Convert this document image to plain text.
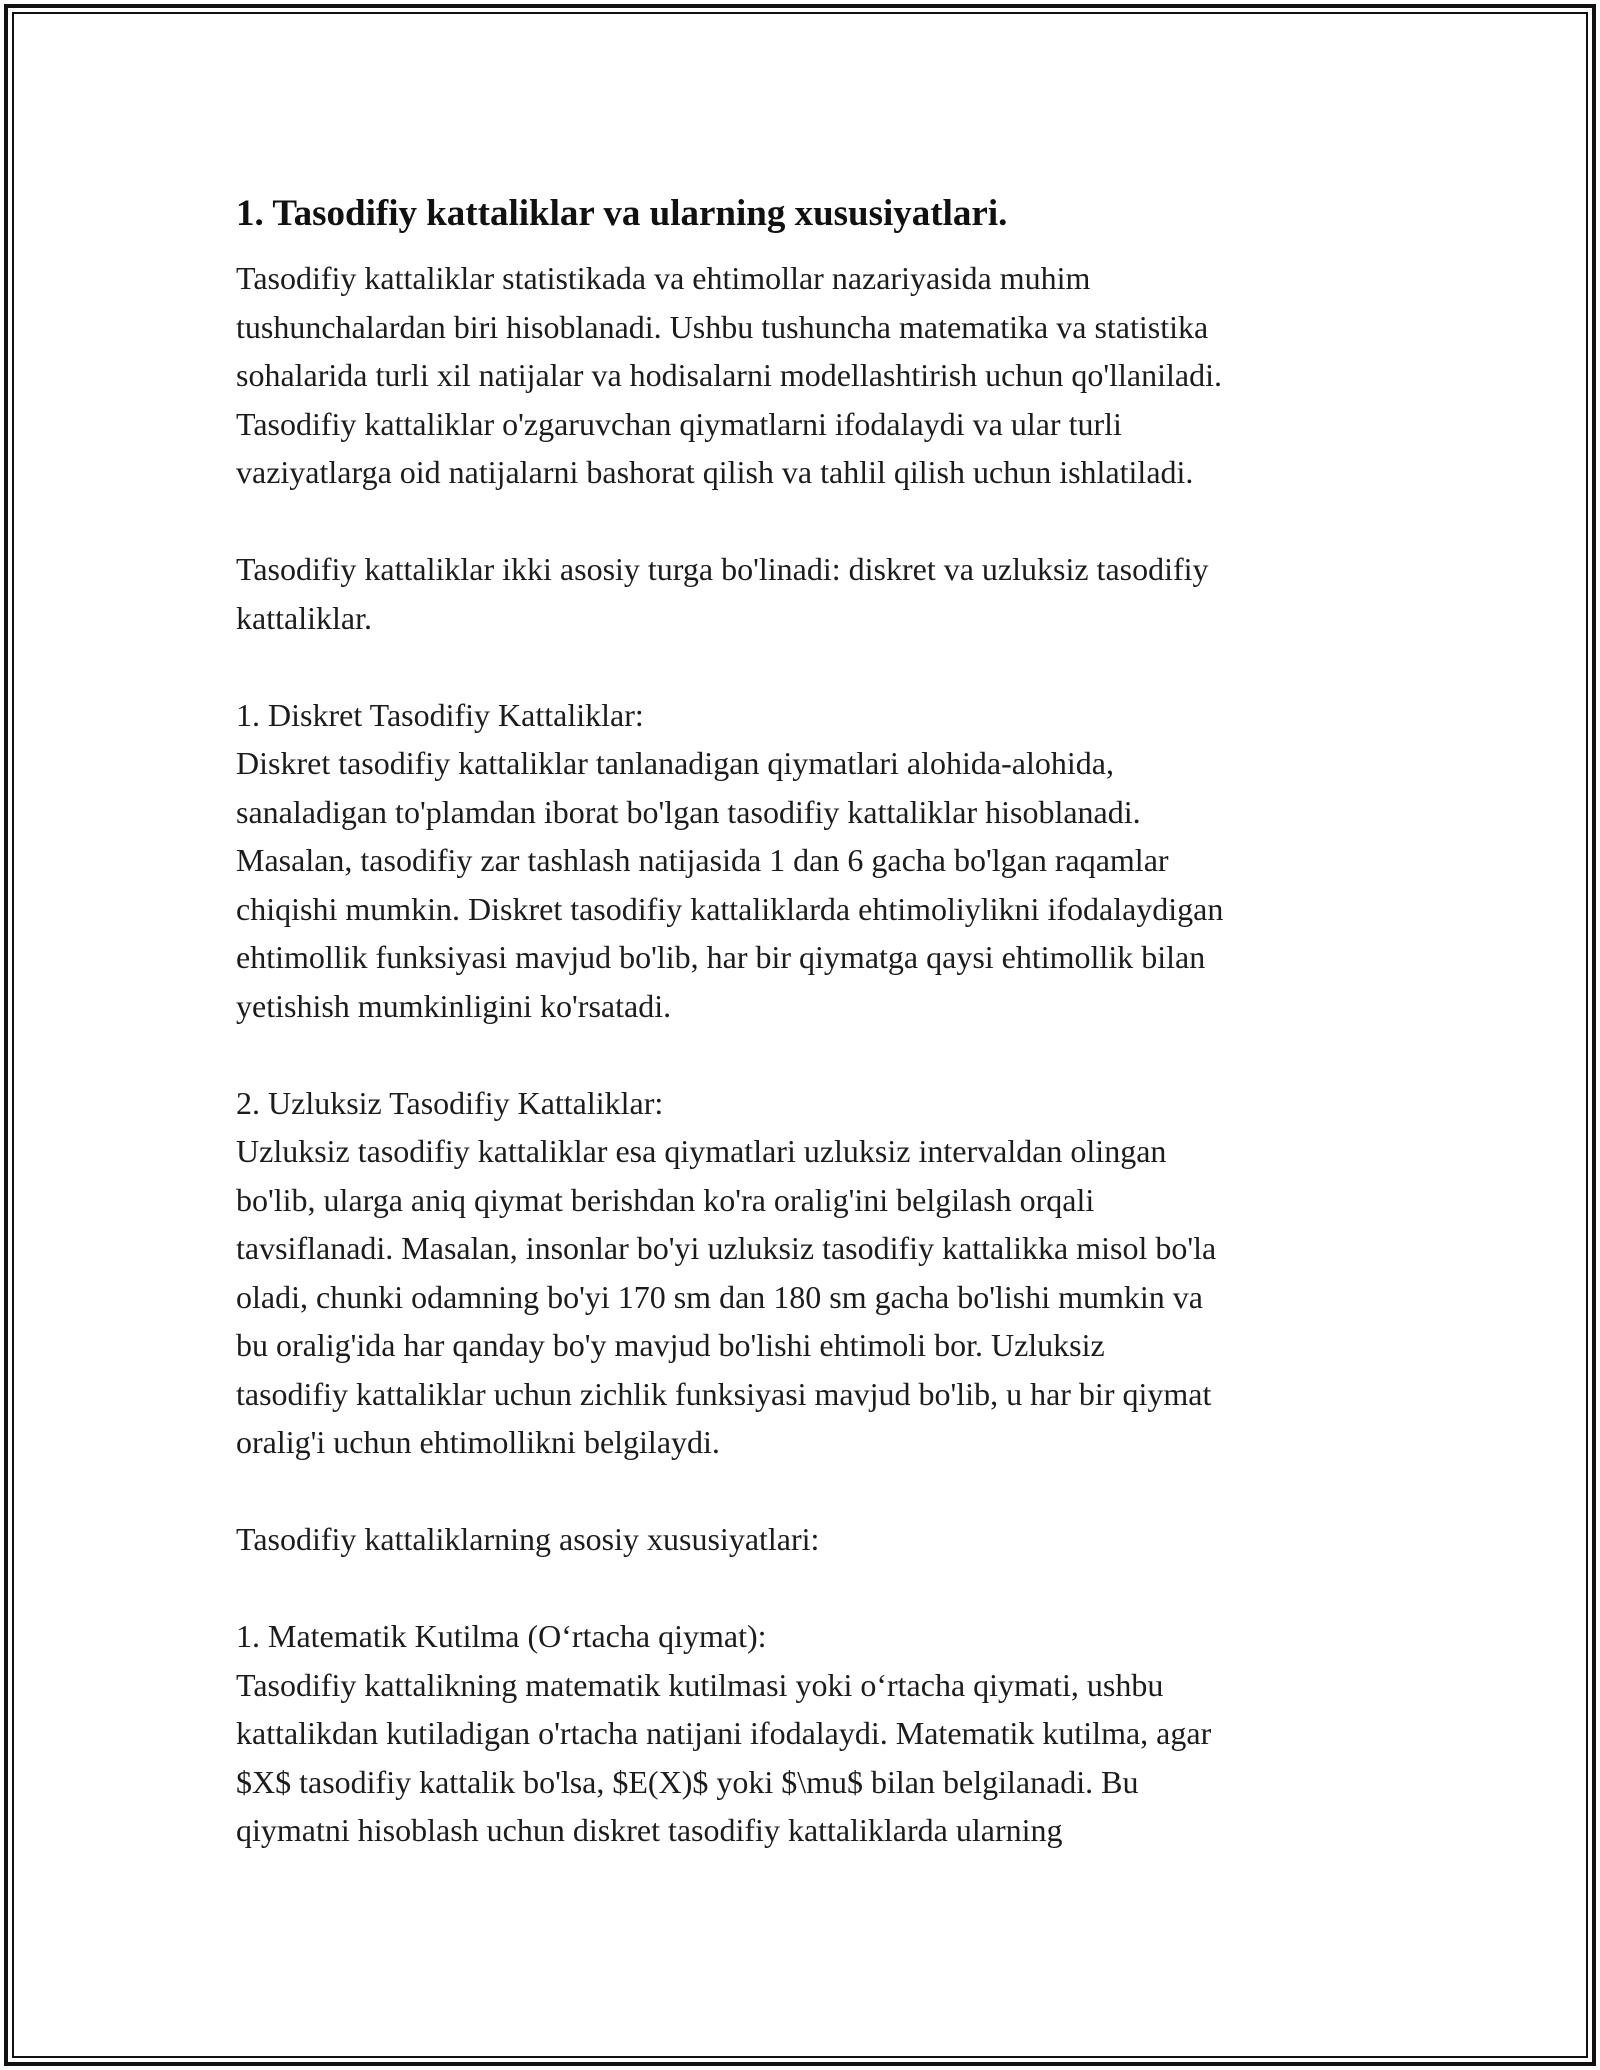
1. Tasodifiy kattaliklar va ularning xususiyatlari.

Tasodifiy kattaliklar statistikada va ehtimollar nazariyasida muhim
tushunchalardan biri hisoblanadi. Ushbu tushuncha matematika va statistika
sohalarida turli xil natijalar va hodisalarni modellashtirish uchun qo'llaniladi.
Tasodifiy kattaliklar o'zgaruvchan qiymatlarni ifodalaydi va ular turli
vaziyatlarga oid natijalarni bashorat qilish va tahlil qilish uchun ishlatiladi.

Tasodifiy kattaliklar ikki asosiy turga bo'linadi: diskret va uzluksiz tasodifiy
kattaliklar.

1. Diskret Tasodifiy Kattaliklar:
Diskret tasodifiy kattaliklar tanlanadigan qiymatlari alohida-alohida,
sanaladigan to'plamdan iborat bo'lgan tasodifiy kattaliklar hisoblanadi.
Masalan, tasodifiy zar tashlash natijasida 1 dan 6 gacha bo'lgan raqamlar
chiqishi mumkin. Diskret tasodifiy kattaliklarda ehtimoliylikni ifodalaydigan
ehtimollik funksiyasi mavjud bo'lib, har bir qiymatga qaysi ehtimollik bilan
yetishish mumkinligini ko'rsatadi.

2. Uzluksiz Tasodifiy Kattaliklar:
Uzluksiz tasodifiy kattaliklar esa qiymatlari uzluksiz intervaldan olingan
bo'lib, ularga aniq qiymat berishdan ko'ra oralig'ini belgilash orqali
tavsiflanadi. Masalan, insonlar bo'yi uzluksiz tasodifiy kattalikka misol bo'la
oladi, chunki odamning bo'yi 170 sm dan 180 sm gacha bo'lishi mumkin va
bu oralig'ida har qanday bo'y mavjud bo'lishi ehtimoli bor. Uzluksiz
tasodifiy kattaliklar uchun zichlik funksiyasi mavjud bo'lib, u har bir qiymat
oralig'i uchun ehtimollikni belgilaydi.

Tasodifiy kattaliklarning asosiy xususiyatlari:

1. Matematik Kutilma (O‘rtacha qiymat):
Tasodifiy kattalikning matematik kutilmasi yoki o‘rtacha qiymati, ushbu
kattalikdan kutiladigan o'rtacha natijani ifodalaydi. Matematik kutilma, agar
$X$ tasodifiy kattalik bo'lsa, $E(X)$ yoki $\mu$ bilan belgilanadi. Bu
qiymatni hisoblash uchun diskret tasodifiy kattaliklarda ularning
